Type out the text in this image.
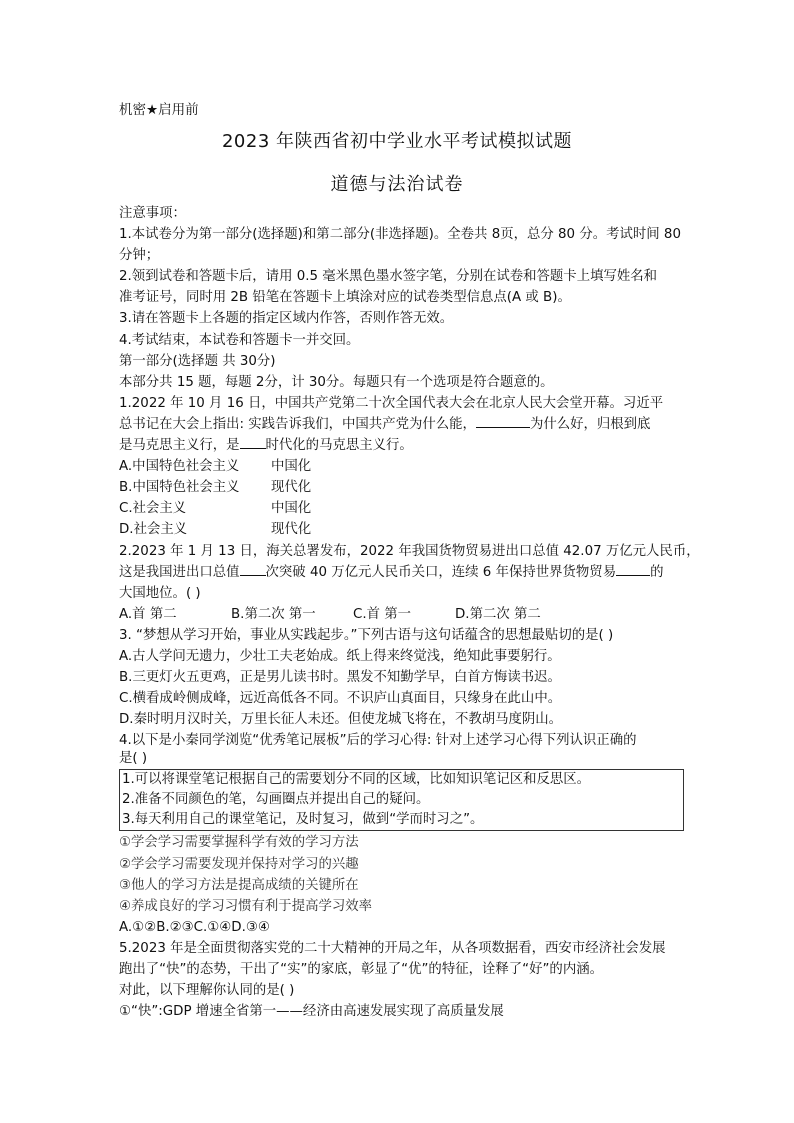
机密★启用前
2023 年陕西省初中学业水平考试模拟试题
道德与法治试卷
注意事项：
1.本试卷分为第一部分(选择题)和第二部分(非选择题)。全卷共 8页，总分 80 分。考试时间 80
分钟；
2.领到试卷和答题卡后，请用 0.5 毫米黑色墨水签字笔，分别在试卷和答题卡上填写姓名和
准考证号，同时用 2B 铅笔在答题卡上填涂对应的试卷类型信息点(A 或 B)。
3.请在答题卡上各题的指定区域内作答，否则作答无效。
4.考试结束，本试卷和答题卡一并交回。
第一部分(选择题 共 30分)
本部分共 15 题，每题 2分，计 30分。每题只有一个选项是符合题意的。
1.2022 年 10 月 16 日，中国共产党第二十次全国代表大会在北京人民大会堂开幕。习近平
总书记在大会上指出: 实践告诉我们，中国共产党为什么能，	为什么好，归根到底
是马克思主义行，是 时代化的马克思主义行。
A.中国特色社会主义	中国化
B.中国特色社会主义	现代化
C.社会主义	中国化
D.社会主义	现代化
2.2023 年 1 月 13 日，海关总署发布，2022 年我国货物贸易进出口总值 42.07 万亿元人民币，
这是我国进出口总值 次突破 40 万亿元人民币关口，连续 6 年保持世界货物贸易	的
大国地位。( )
A.首 第二	B.第二次 第一	C.首 第一	D.第二次 第二
3. “梦想从学习开始，事业从实践起步。”下列古语与这句话蕴含的思想最贴切的是( )
A.古人学问无遗力，少壮工夫老始成。纸上得来终觉浅，绝知此事要躬行。
B.三更灯火五更鸡，正是男儿读书时。黑发不知勤学早，白首方悔读书迟。
C.横看成岭侧成峰，远近高低各不同。不识庐山真面目，只缘身在此山中。
D.秦时明月汉时关，万里长征人未还。但使龙城飞将在，不教胡马度阴山。
4.以下是小秦同学浏览“优秀笔记展板”后的学习心得: 针对上述学习心得下列认识正确的
是( )
1.可以将课堂笔记根据自己的需要划分不同的区域，比如知识笔记区和反思区。
2.准备不同颜色的笔，勾画圈点并提出自己的疑问。
3.每天利用自己的课堂笔记，及时复习，做到“学而时习之”。
①学会学习需要掌握科学有效的学习方法
②学会学习需要发现并保持对学习的兴趣
③他人的学习方法是提高成绩的关键所在
④养成良好的学习习惯有利于提高学习效率
A.①②B.②③C.①④D.③④
5.2023 年是全面贯彻落实党的二十大精神的开局之年，从各项数据看，西安市经济社会发展
跑出了“快”的态势，干出了“实”的家底，彰显了“优”的特征，诠释了“好”的内涵。
对此，以下理解你认同的是( )
①“快”:GDP 增速全省第一——经济由高速发展实现了高质量发展
